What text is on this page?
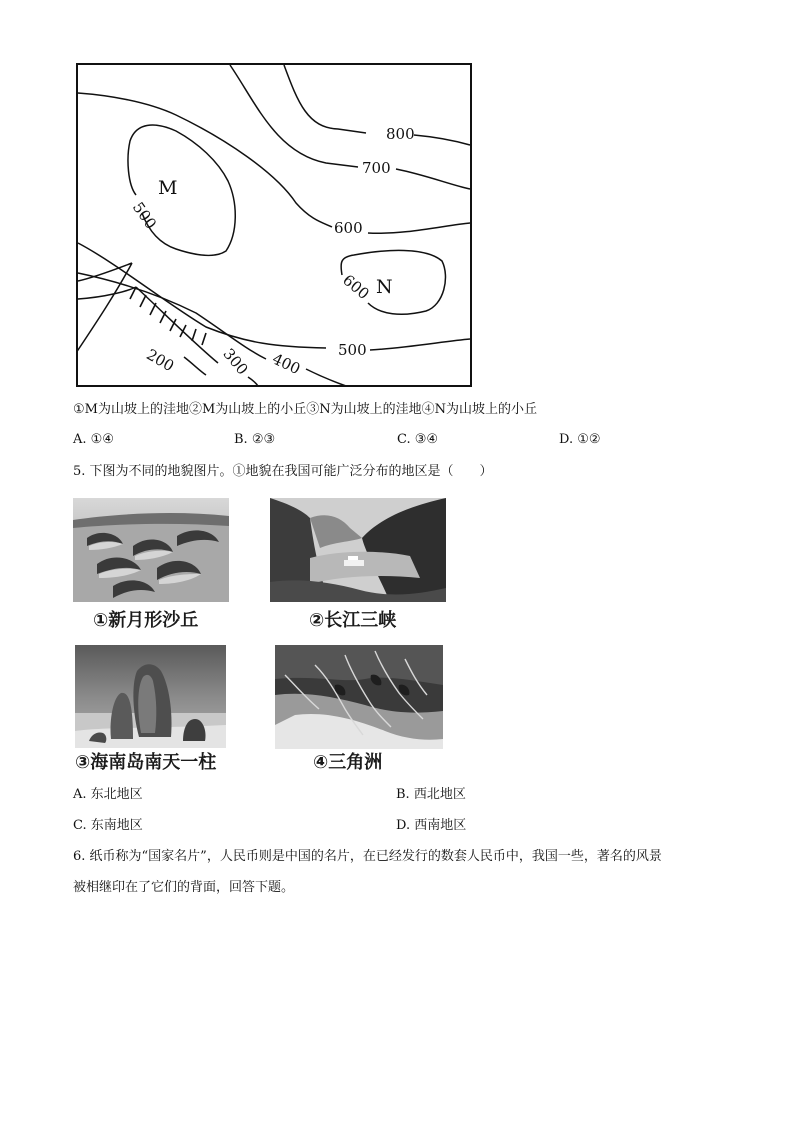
M
N
800
700
600
500
600
500
400
300
200
①M为山坡上的洼地②M为山坡上的小丘③N为山坡上的洼地④N为山坡上的小丘
A. ①④	B. ②③	C. ③④	D. ①②
5. 下图为不同的地貌图片。①地貌在我国可能广泛分布的地区是（　　）
①新月形沙丘	②长江三峡
③海南岛南天一柱	④三角洲
A. 东北地区	B. 西北地区
C. 东南地区	D. 西南地区
6. 纸币称为“国家名片”，人民币则是中国的名片，在已经发行的数套人民币中，我国一些，著名的风景
被相继印在了它们的背面，回答下题。
